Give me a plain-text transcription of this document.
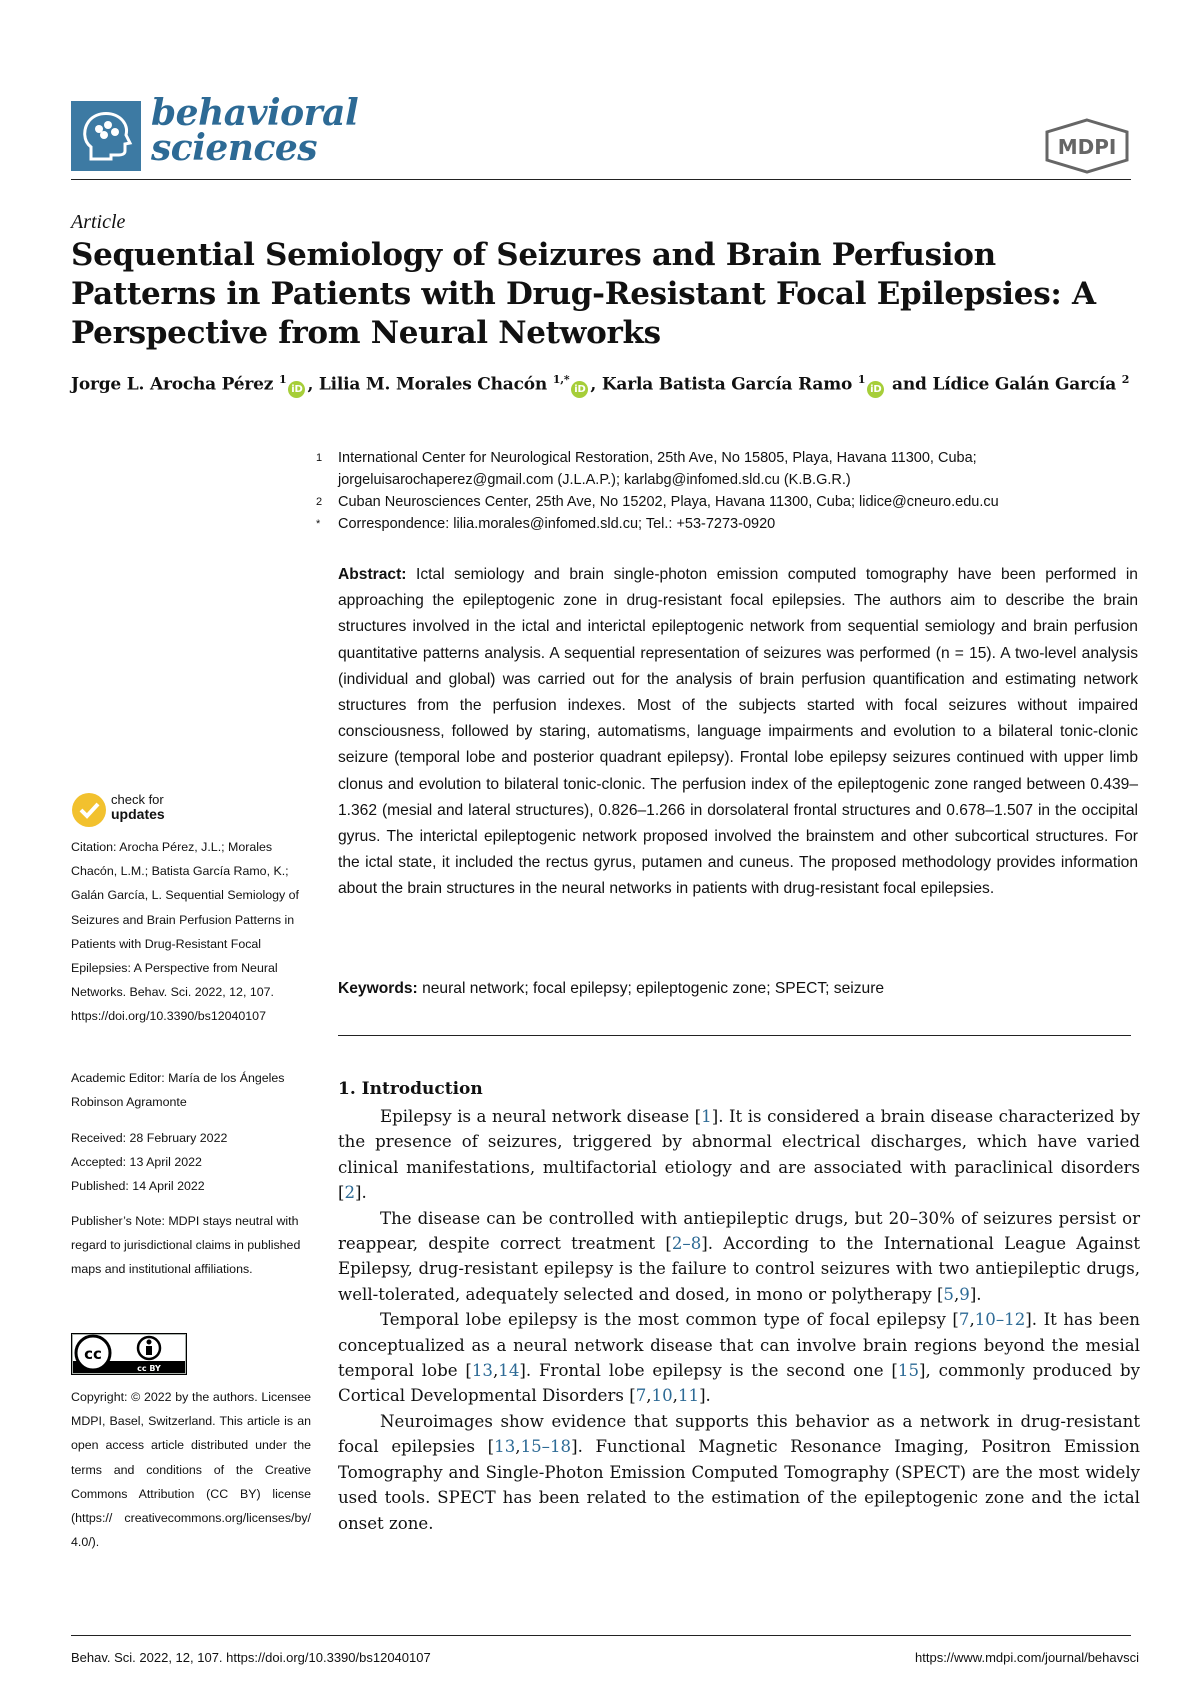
behavioral
sciences	MDPI
Article
Sequential Semiology of Seizures and Brain Perfusion Patterns in Patients with Drug-Resistant Focal Epilepsies: A Perspective from Neural Networks
Jorge L. Arocha Pérez $^1$iD , Lilia M. Morales Chacón $^{1,*}$iD , Karla Batista García Ramo $^1$iD and Lídice Galán García $^2$
1 International Center for Neurological Restoration, 25th Ave, No 15805, Playa, Havana 11300, Cuba; jorgeluisarochaperez@gmail.com (J.L.A.P.); karlabg@infomed.sld.cu (K.B.G.R.)
2 Cuban Neurosciences Center, 25th Ave, No 15202, Playa, Havana 11300, Cuba; lidice@cneuro.edu.cu
* Correspondence: lilia.morales@infomed.sld.cu; Tel.: +53-7273-0920
Abstract: Ictal semiology and brain single-photon emission computed tomography have been performed in approaching the epileptogenic zone in drug-resistant focal epilepsies. The authors aim to describe the brain structures involved in the ictal and interictal epileptogenic network from sequential semiology and brain perfusion quantitative patterns analysis. A sequential representation of seizures was performed (n = 15). A two-level analysis (individual and global) was carried out for the analysis of brain perfusion quantification and estimating network structures from the perfusion indexes. Most of the subjects started with focal seizures without impaired consciousness, followed by staring, automatisms, language impairments and evolution to a bilateral tonic-clonic seizure (temporal lobe and posterior quadrant epilepsy). Frontal lobe epilepsy seizures continued with upper limb clonus and evolution to bilateral tonic-clonic. The perfusion index of the epileptogenic zone ranged between 0.439–1.362 (mesial and lateral structures), 0.826–1.266 in dorsolateral frontal structures and 0.678–1.507 in the occipital gyrus. The interictal epileptogenic network proposed involved the brainstem and other subcortical structures. For the ictal state, it included the rectus gyrus, putamen and cuneus. The proposed methodology provides information about the brain structures in the neural networks in patients with drug-resistant focal epilepsies.
Keywords: neural network; focal epilepsy; epileptogenic zone; SPECT; seizure
check for
updates
Citation: Arocha Pérez, J.L.; Morales Chacón, L.M.; Batista García Ramo, K.; Galán García, L. Sequential Semiology of Seizures and Brain Perfusion Patterns in Patients with Drug-Resistant Focal Epilepsies: A Perspective from Neural Networks. Behav. Sci. 2022, 12, 107. https://doi.org/10.3390/bs12040107
Academic Editor: María de los Ángeles Robinson Agramonte
Received: 28 February 2022
Accepted: 13 April 2022
Published: 14 April 2022
Publisher’s Note: MDPI stays neutral with regard to jurisdictional claims in published maps and institutional affiliations.
cc
cc BY
Copyright: © 2022 by the authors. Licensee MDPI, Basel, Switzerland. This article is an open access article distributed under the terms and conditions of the Creative Commons Attribution (CC BY) license (https:// creativecommons.org/licenses/by/ 4.0/).
1. Introduction

Epilepsy is a neural network disease [1]. It is considered a brain disease characterized by the presence of seizures, triggered by abnormal electrical discharges, which have varied clinical manifestations, multifactorial etiology and are associated with paraclinical disorders [2].

The disease can be controlled with antiepileptic drugs, but 20–30% of seizures persist or reappear, despite correct treatment [2–8]. According to the International League Against Epilepsy, drug-resistant epilepsy is the failure to control seizures with two antiepileptic drugs, well-tolerated, adequately selected and dosed, in mono or polytherapy [5,9].

Temporal lobe epilepsy is the most common type of focal epilepsy [7,10–12]. It has been conceptualized as a neural network disease that can involve brain regions beyond the mesial temporal lobe [13,14]. Frontal lobe epilepsy is the second one [15], commonly produced by Cortical Developmental Disorders [7,10,11].

Neuroimages show evidence that supports this behavior as a network in drug-resistant focal epilepsies [13,15–18]. Functional Magnetic Resonance Imaging, Positron Emission Tomography and Single-Photon Emission Computed Tomography (SPECT) are the most widely used tools. SPECT has been related to the estimation of the epileptogenic zone and the ictal onset zone.

Behav. Sci. 2022, 12, 107. https://doi.org/10.3390/bs12040107	https://www.mdpi.com/journal/behavsci
